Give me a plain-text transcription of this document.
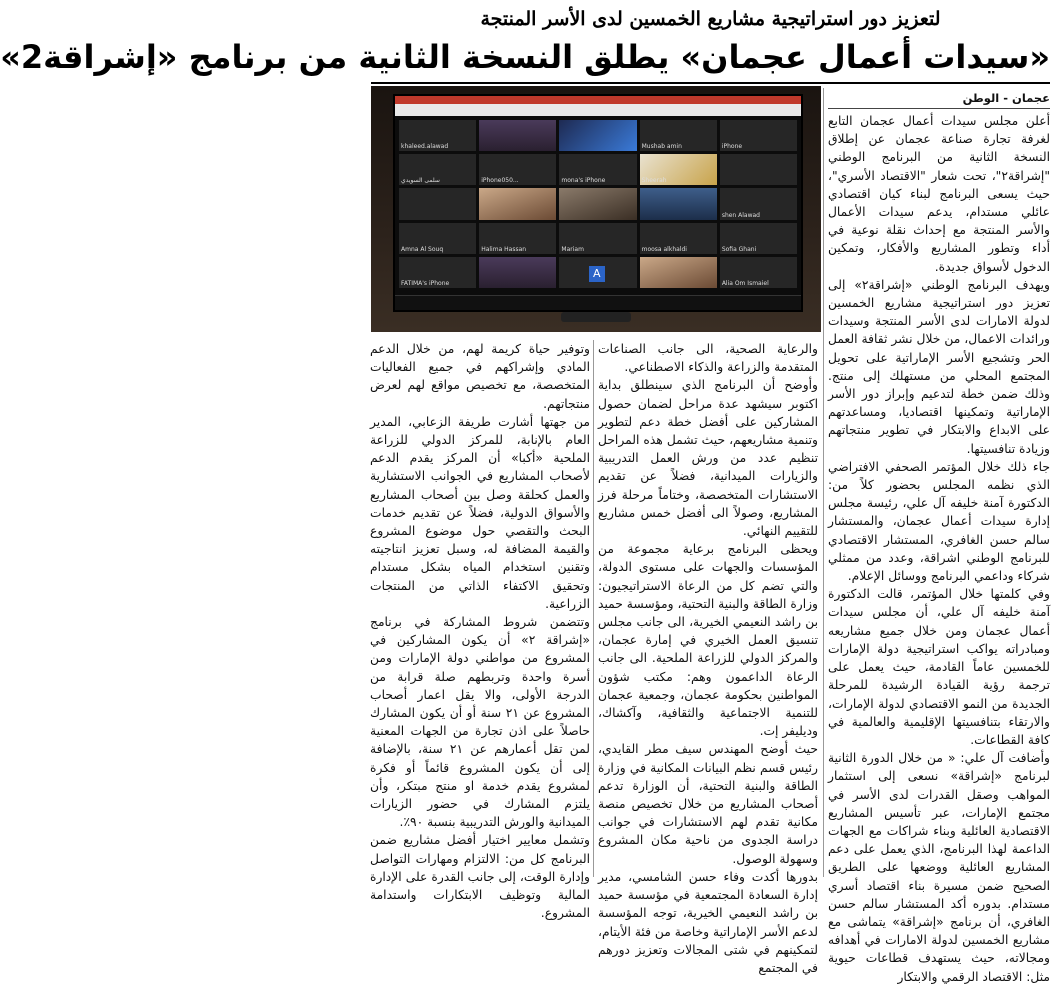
لتعزيز دور استراتيجية مشاريع الخمسين لدى الأسر المنتجة
«سيدات أعمال عجمان» يطلق النسخة الثانية من برنامج «إشراقة2»
عجمان - الوطن
iPhone
Mushab amin
khaleed.alawad
Sheerah
mona's iPhone
iPhone050...
سلمى السويدي
shen Alawad
Sofia Ghani
moosa alkhaldi
Mariam
Halima Hassan
Amna Al Souq
Alia Om Ismaiel
A
FATIMA's iPhone

أعلن مجلس سيدات أعمال عجمان التابع لغرفة تجارة صناعة عجمان عن إطلاق النسخة الثانية من البرنامج الوطني "إشراقة٢"، تحت شعار "الاقتصاد الأسري"، حيث يسعى البرنامج لبناء كيان اقتصادي عائلي مستدام، يدعم سيدات الأعمال والأسر المنتجة مع إحداث نقلة نوعية في أداء وتطور المشاريع والأفكار، وتمكين الدخول لأسواق جديدة.

ويهدف البرنامج الوطني «إشراقة٢» إلى تعزيز دور استراتيجية مشاريع الخمسين لدولة الامارات لدى الأسر المنتجة وسيدات ورائدات الاعمال، من خلال نشر ثقافة العمل الحر وتشجيع الأسر الإماراتية على تحويل المجتمع المحلي من مستهلك إلى منتج. وذلك ضمن خطة لتدعيم وإبراز دور الأسر الإماراتية وتمكينها اقتصاديا، ومساعدتهم على الابداع والابتكار في تطوير منتجاتهم وزيادة تنافسيتها.

جاء ذلك خلال المؤتمر الصحفي الافتراضي الذي نظمه المجلس بحضور كلاً من: الدكتورة آمنة خليفه آل علي، رئيسة مجلس إدارة سيدات أعمال عجمان، والمستشار سالم حسن الغافري، المستشار الاقتصادي للبرنامج الوطني اشراقة، وعدد من ممثلي شركاء وداعمي البرنامج ووسائل الإعلام.

وفي كلمتها خلال المؤتمر، قالت الدكتورة آمنة خليفه آل علي، أن مجلس سيدات أعمال عجمان ومن خلال جميع مشاريعه ومبادراته يواكب استراتيجية دولة الإمارات للخمسين عاماً القادمة، حيث يعمل على ترجمة رؤية القيادة الرشيدة للمرحلة الجديدة من النمو الاقتصادي لدولة الإمارات، والارتقاء بتنافسيتها الإقليمية والعالمية في كافة القطاعات.

وأضافت آل علي: « من خلال الدورة الثانية لبرنامج «إشراقة» نسعى إلى استثمار المواهب وصقل القدرات لدى الأسر في مجتمع الإمارات، عبر تأسيس المشاريع الاقتصادية العائلية وبناء شراكات مع الجهات الداعمة لهذا البرنامج، الذي يعمل على دعم المشاريع العائلية ووضعها على الطريق الصحيح ضمن مسيرة بناء اقتصاد أسري مستدام. بدوره أكد المستشار سالم حسن الغافري، أن برنامج «إشراقة» يتماشى مع مشاريع الخمسين لدولة الامارات في أهدافه ومجالاته، حيث يستهدف قطاعات حيوية مثل: الاقتصاد الرقمي والابتكار

والرعاية الصحية، الى جانب الصناعات المتقدمة والزراعة والذكاء الاصطناعي.

وأوضح أن البرنامج الذي سينطلق بداية اكتوبر سيشهد عدة مراحل لضمان حصول المشاركين على أفضل خطة دعم لتطوير وتنمية مشاريعهم، حيث تشمل هذه المراحل تنظيم عدد من ورش العمل التدريبية والزيارات الميدانية، فضلاً عن تقديم الاستشارات المتخصصة، وختاماً مرحلة فرز المشاريع، وصولاً الى أفضل خمس مشاريع للتقييم النهائي.

ويحظى البرنامج برعاية مجموعة من المؤسسات والجهات على مستوى الدولة، والتي تضم كل من الرعاة الاستراتيجيون: وزارة الطاقة والبنية التحتية، ومؤسسة حميد بن راشد النعيمي الخيرية، الى جانب مجلس تنسيق العمل الخيري في إمارة عجمان، والمركز الدولي للزراعة الملحية. الى جانب الرعاة الداعمون وهم: مكتب شؤون المواطنين بحكومة عجمان، وجمعية عجمان للتنمية الاجتماعية والثقافية، وآكشاك، وديليفر إت.

حيث أوضح المهندس سيف مطر القايدي، رئيس قسم نظم البيانات المكانية في وزارة الطاقة والبنية التحتية، أن الوزارة تدعم أصحاب المشاريع من خلال تخصيص منصة مكانية تقدم لهم الاستشارات في جوانب دراسة الجدوى من ناحية مكان المشروع وسهولة الوصول.

بدورها أكدت وفاء حسن الشامسي، مدير إدارة السعادة المجتمعية في مؤسسة حميد بن راشد النعيمي الخيرية، توجه المؤسسة لدعم الأسر الإماراتية وخاصة من فئة الأيتام، لتمكينهم في شتى المجالات وتعزيز دورهم في المجتمع

وتوفير حياة كريمة لهم، من خلال الدعم المادي وإشراكهم في جميع الفعاليات المتخصصة، مع تخصيص مواقع لهم لعرض منتجاتهم.

من جهتها أشارت طريفة الزعابي، المدير العام بالإنابة، للمركز الدولي للزراعة الملحية «أكبا» أن المركز يقدم الدعم لأصحاب المشاريع في الجوانب الاستشارية والعمل كحلقة وصل بين أصحاب المشاريع والأسواق الدولية، فضلاً عن تقديم خدمات البحث والتقصي حول موضوع المشروع والقيمة المضافة له، وسبل تعزيز انتاجيته وتقنين استخدام المياه بشكل مستدام وتحقيق الاكتفاء الذاتي من المنتجات الزراعية.

وتتضمن شروط المشاركة في برنامج «إشراقة ٢» أن يكون المشاركين في المشروع من مواطني دولة الإمارات ومن أسرة واحدة وتربطهم صلة قرابة من الدرجة الأولى، والا يقل اعمار أصحاب المشروع عن ٢١ سنة أو أن يكون المشارك حاصلاً على اذن تجارة من الجهات المعنية لمن تقل أعمارهم عن ٢١ سنة، بالإضافة إلى أن يكون المشروع قائماً أو فكرة لمشروع يقدم خدمة او منتج مبتكر، وأن يلتزم المشارك في حضور الزيارات الميدانية والورش التدريبية بنسبة ٩٠٪.

وتشمل معايير اختيار أفضل مشاريع ضمن البرنامج كل من: الالتزام ومهارات التواصل وإدارة الوقت، إلى جانب القدرة على الإدارة المالية وتوظيف الابتكارات واستدامة المشروع.
